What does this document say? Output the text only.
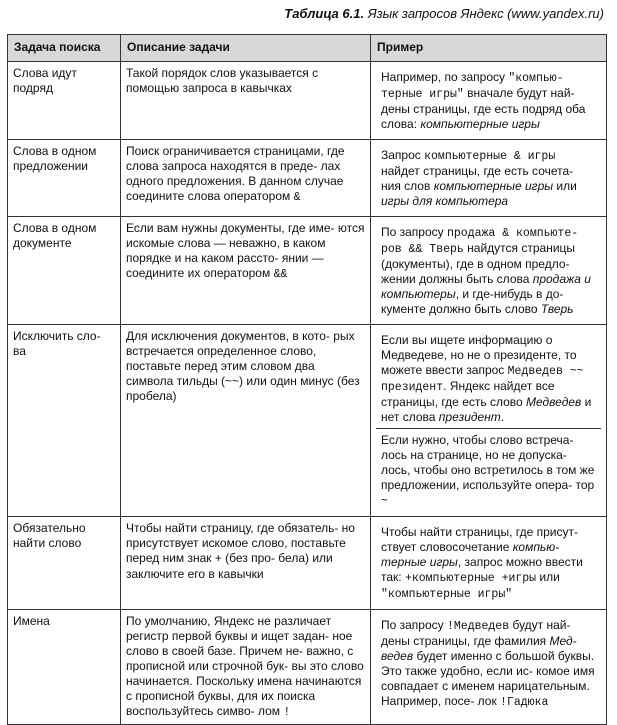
Таблица 6.1. Язык запросов Яндекс (www.yandex.ru)
Задача поиска	Описание задачи	Пример
Слова идут подряд	Такой порядок слов указывается с помощью запроса в кавычках	Например, по запросу "компью- терные игры" вначале будут най- дены страницы, где есть подряд оба слова: компьютерные игры

Слова в одном предложении	Поиск ограничивается страницами, где слова запроса находятся в преде- лах одного предложения. В данном случае соедините слова оператором &	Запрос компьютерные & игры найдет страницы, где есть сочета- ния слов компьютерные игры или игры для компьютера

Слова в одном документе	Если вам нужны документы, где име- ются искомые слова — неважно, в каком порядке и на каком рассто- янии — соедините их оператором &&	По запросу продажа & компьюте- ров && Тверь найдутся страницы (документы), где в одном предло- жении должны быть слова продажа и компьютеры, и где-нибудь в до- кументе должно быть слово Тверь

Исключить сло- ва	Для исключения документов, в кото- рых встречается определенное слово, поставьте перед этим словом два символа тильды (~~) или один минус (без пробела)	Если вы ищете информацию о Медведеве, но не о президенте, то можете ввести запрос Медведев ~~ президент. Яндекс найдет все страницы, где есть слово Медведев и нет слова президент.
Если нужно, чтобы слово встреча- лось на странице, но не допуска- лось, чтобы оно встретилось в том же предложении, используйте опера- тор ~

Обязательно найти слово	Чтобы найти страницу, где обязатель- но присутствует искомое слово, поставьте перед ним знак + (без про- бела) или заключите его в кавычки	Чтобы найти страницы, где присут- ствует словосочетание компью- терные игры, запрос можно ввести так: +компьютерные +игры или "компьютерные игры"

Имена	По умолчанию, Яндекс не различает регистр первой буквы и ищет задан- ное слово в своей базе. Причем не- важно, с прописной или строчной бук- вы это слово начинается. Поскольку имена начинаются с прописной буквы, для их поиска воспользуйтесь симво- лом !	По запросу !Медведев будут най- дены страницы, где фамилия Мед- ведев будет именно с большой буквы. Это также удобно, если ис- комое имя совпадает с именем нарицательным. Например, посе- лок !Гадюка
